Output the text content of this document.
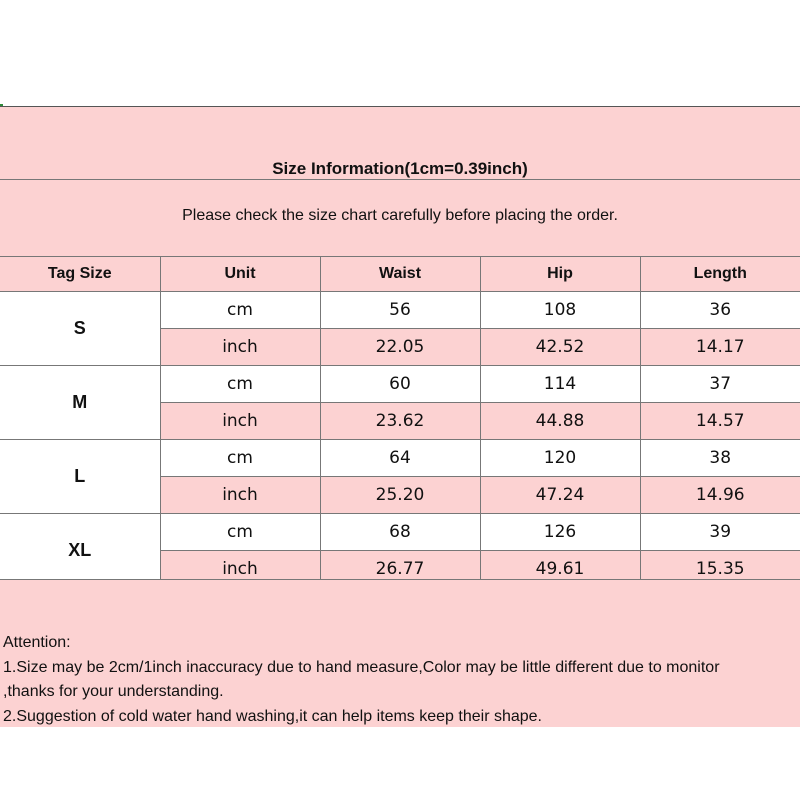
Size Information(1cm=0.39inch)
Please check the size chart carefully before placing the order.
Tag Size	Unit	Waist	Hip	Length
S	cm	56	108	36
	inch	22.05	42.52	14.17
M	cm	60	114	37
	inch	23.62	44.88	14.57
L	cm	64	120	38
	inch	25.20	47.24	14.96
XL	cm	68	126	39
	inch	26.77	49.61	15.35
Attention:
1.Size may be 2cm/1inch inaccuracy due to hand measure,Color may be little different due to monitor
,thanks for your understanding.
2.Suggestion of cold water hand washing,it can help items keep their shape.
